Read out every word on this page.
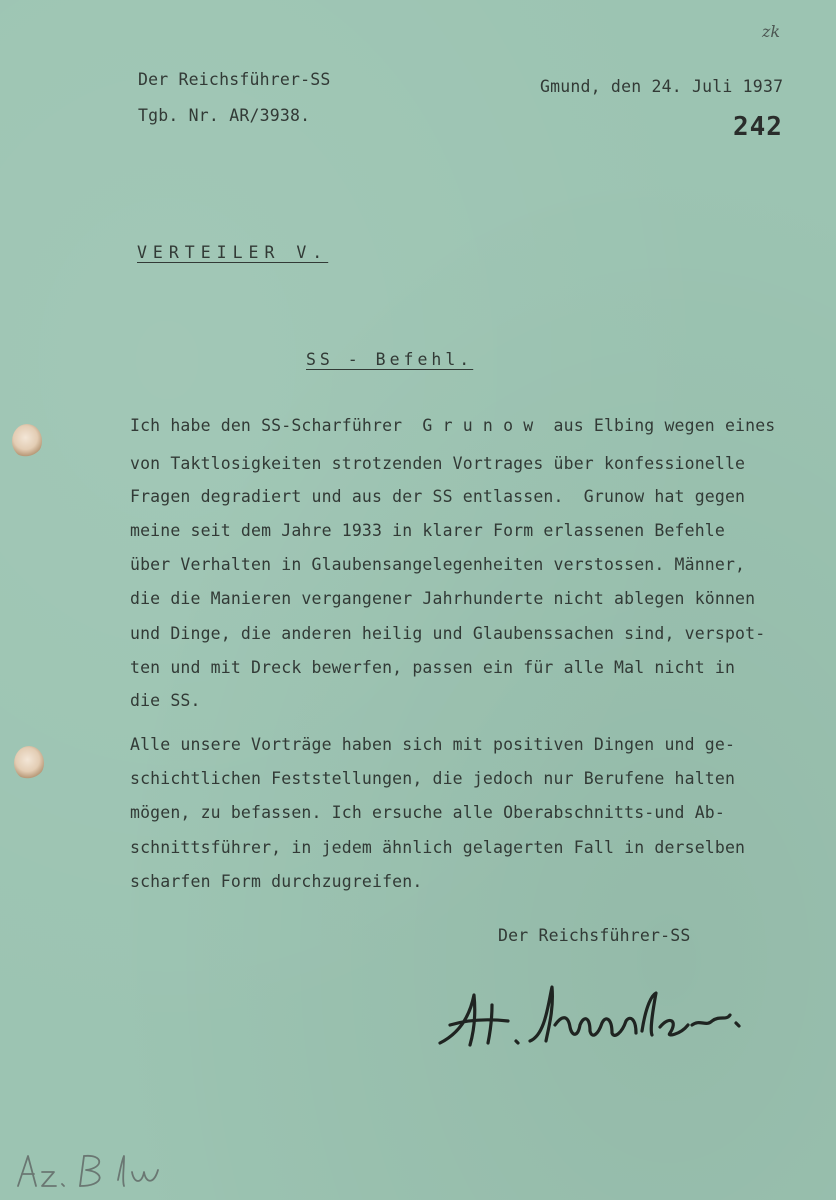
zk
Der Reichsführer-SS
Tgb. Nr. AR/3938.
Gmund, den 24. Juli 1937
242
VERTEILER V.
SS - Befehl.
Ich habe den SS-Scharführer  G r u n o w  aus Elbing wegen eines
von Taktlosigkeiten strotzenden Vortrages über konfessionelle
Fragen degradiert und aus der SS entlassen.  Grunow hat gegen
meine seit dem Jahre 1933 in klarer Form erlassenen Befehle
über Verhalten in Glaubensangelegenheiten verstossen. Männer,
die die Manieren vergangener Jahrhunderte nicht ablegen können
und Dinge, die anderen heilig und Glaubenssachen sind, verspot-
ten und mit Dreck bewerfen, passen ein für alle Mal nicht in
die SS.
Alle unsere Vorträge haben sich mit positiven Dingen und ge-
schichtlichen Feststellungen, die jedoch nur Berufene halten
mögen, zu befassen. Ich ersuche alle Oberabschnitts-und Ab-
schnittsführer, in jedem ähnlich gelagerten Fall in derselben
scharfen Form durchzugreifen.
Der Reichsführer-SS
